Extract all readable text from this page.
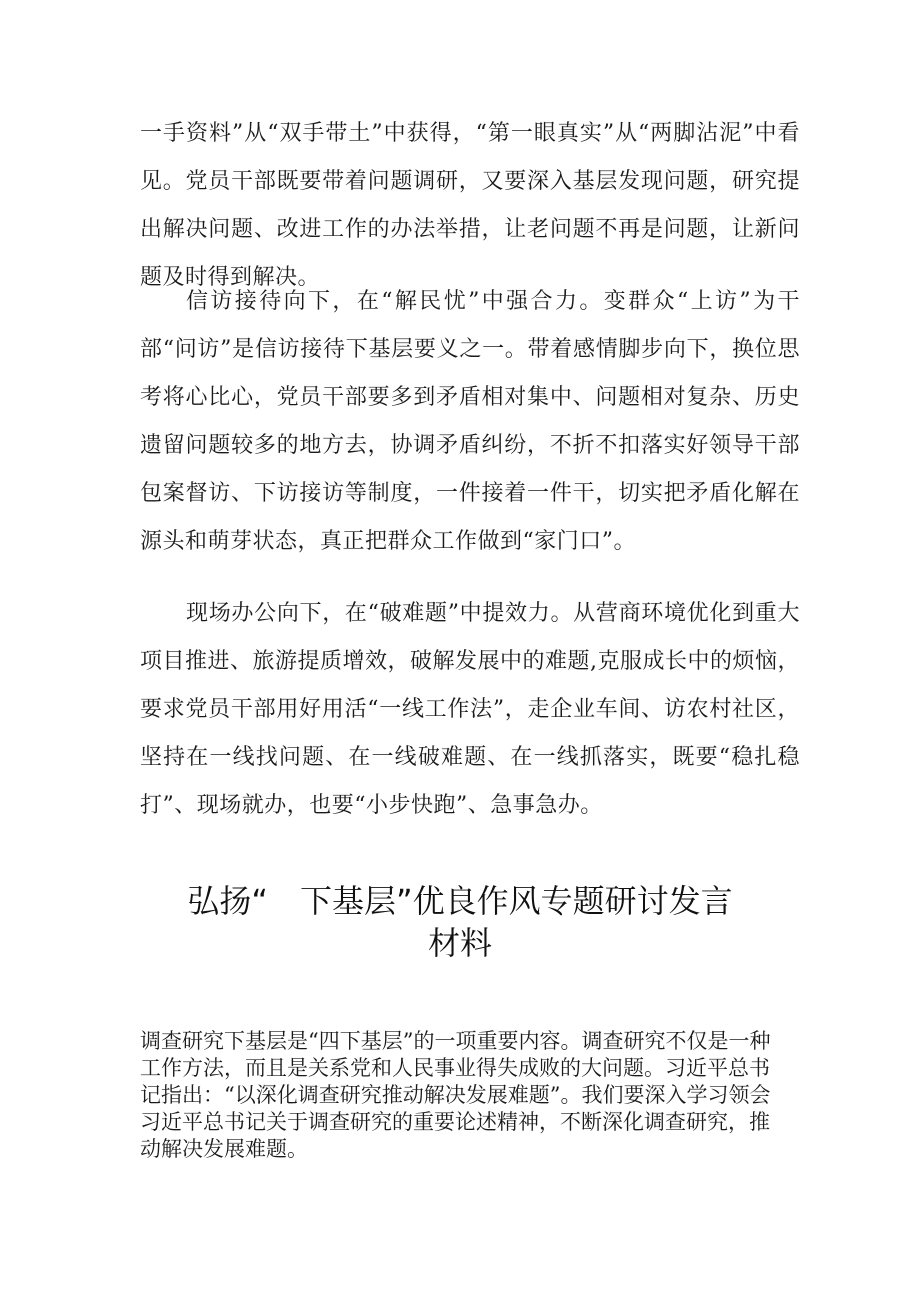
一手资料”从“双手带土”中获得，“第一眼真实”从“两脚沾泥”中看见。党员干部既要带着问题调研，又要深入基层发现问题，研究提出解决问题、改进工作的办法举措，让老问题不再是问题，让新问题及时得到解决。

信访接待向下，在“解民忧”中强合力。变群众“上访”为干部“问访”是信访接待下基层要义之一。带着感情脚步向下，换位思考将心比心，党员干部要多到矛盾相对集中、问题相对复杂、历史遗留问题较多的地方去，协调矛盾纠纷，不折不扣落实好领导干部包案督访、下访接访等制度，一件接着一件干，切实把矛盾化解在源头和萌芽状态，真正把群众工作做到“家门口”。

现场办公向下，在“破难题”中提效力。从营商环境优化到重大项目推进、旅游提质增效，破解发展中的难题,克服成长中的烦恼，要求党员干部用好用活“一线工作法”，走企业车间、访农村社区，坚持在一线找问题、在一线破难题、在一线抓落实，既要“稳扎稳打”、现场就办，也要“小步快跑”、急事急办。

弘扬“　下基层”优良作风专题研讨发言
材料

调查研究下基层是“四下基层”的一项重要内容。调查研究不仅是一种工作方法，而且是关系党和人民事业得失成败的大问题。习近平总书记指出：“以深化调查研究推动解决发展难题”。我们要深入学习领会习近平总书记关于调查研究的重要论述精神，不断深化调查研究，推动解决发展难题。
